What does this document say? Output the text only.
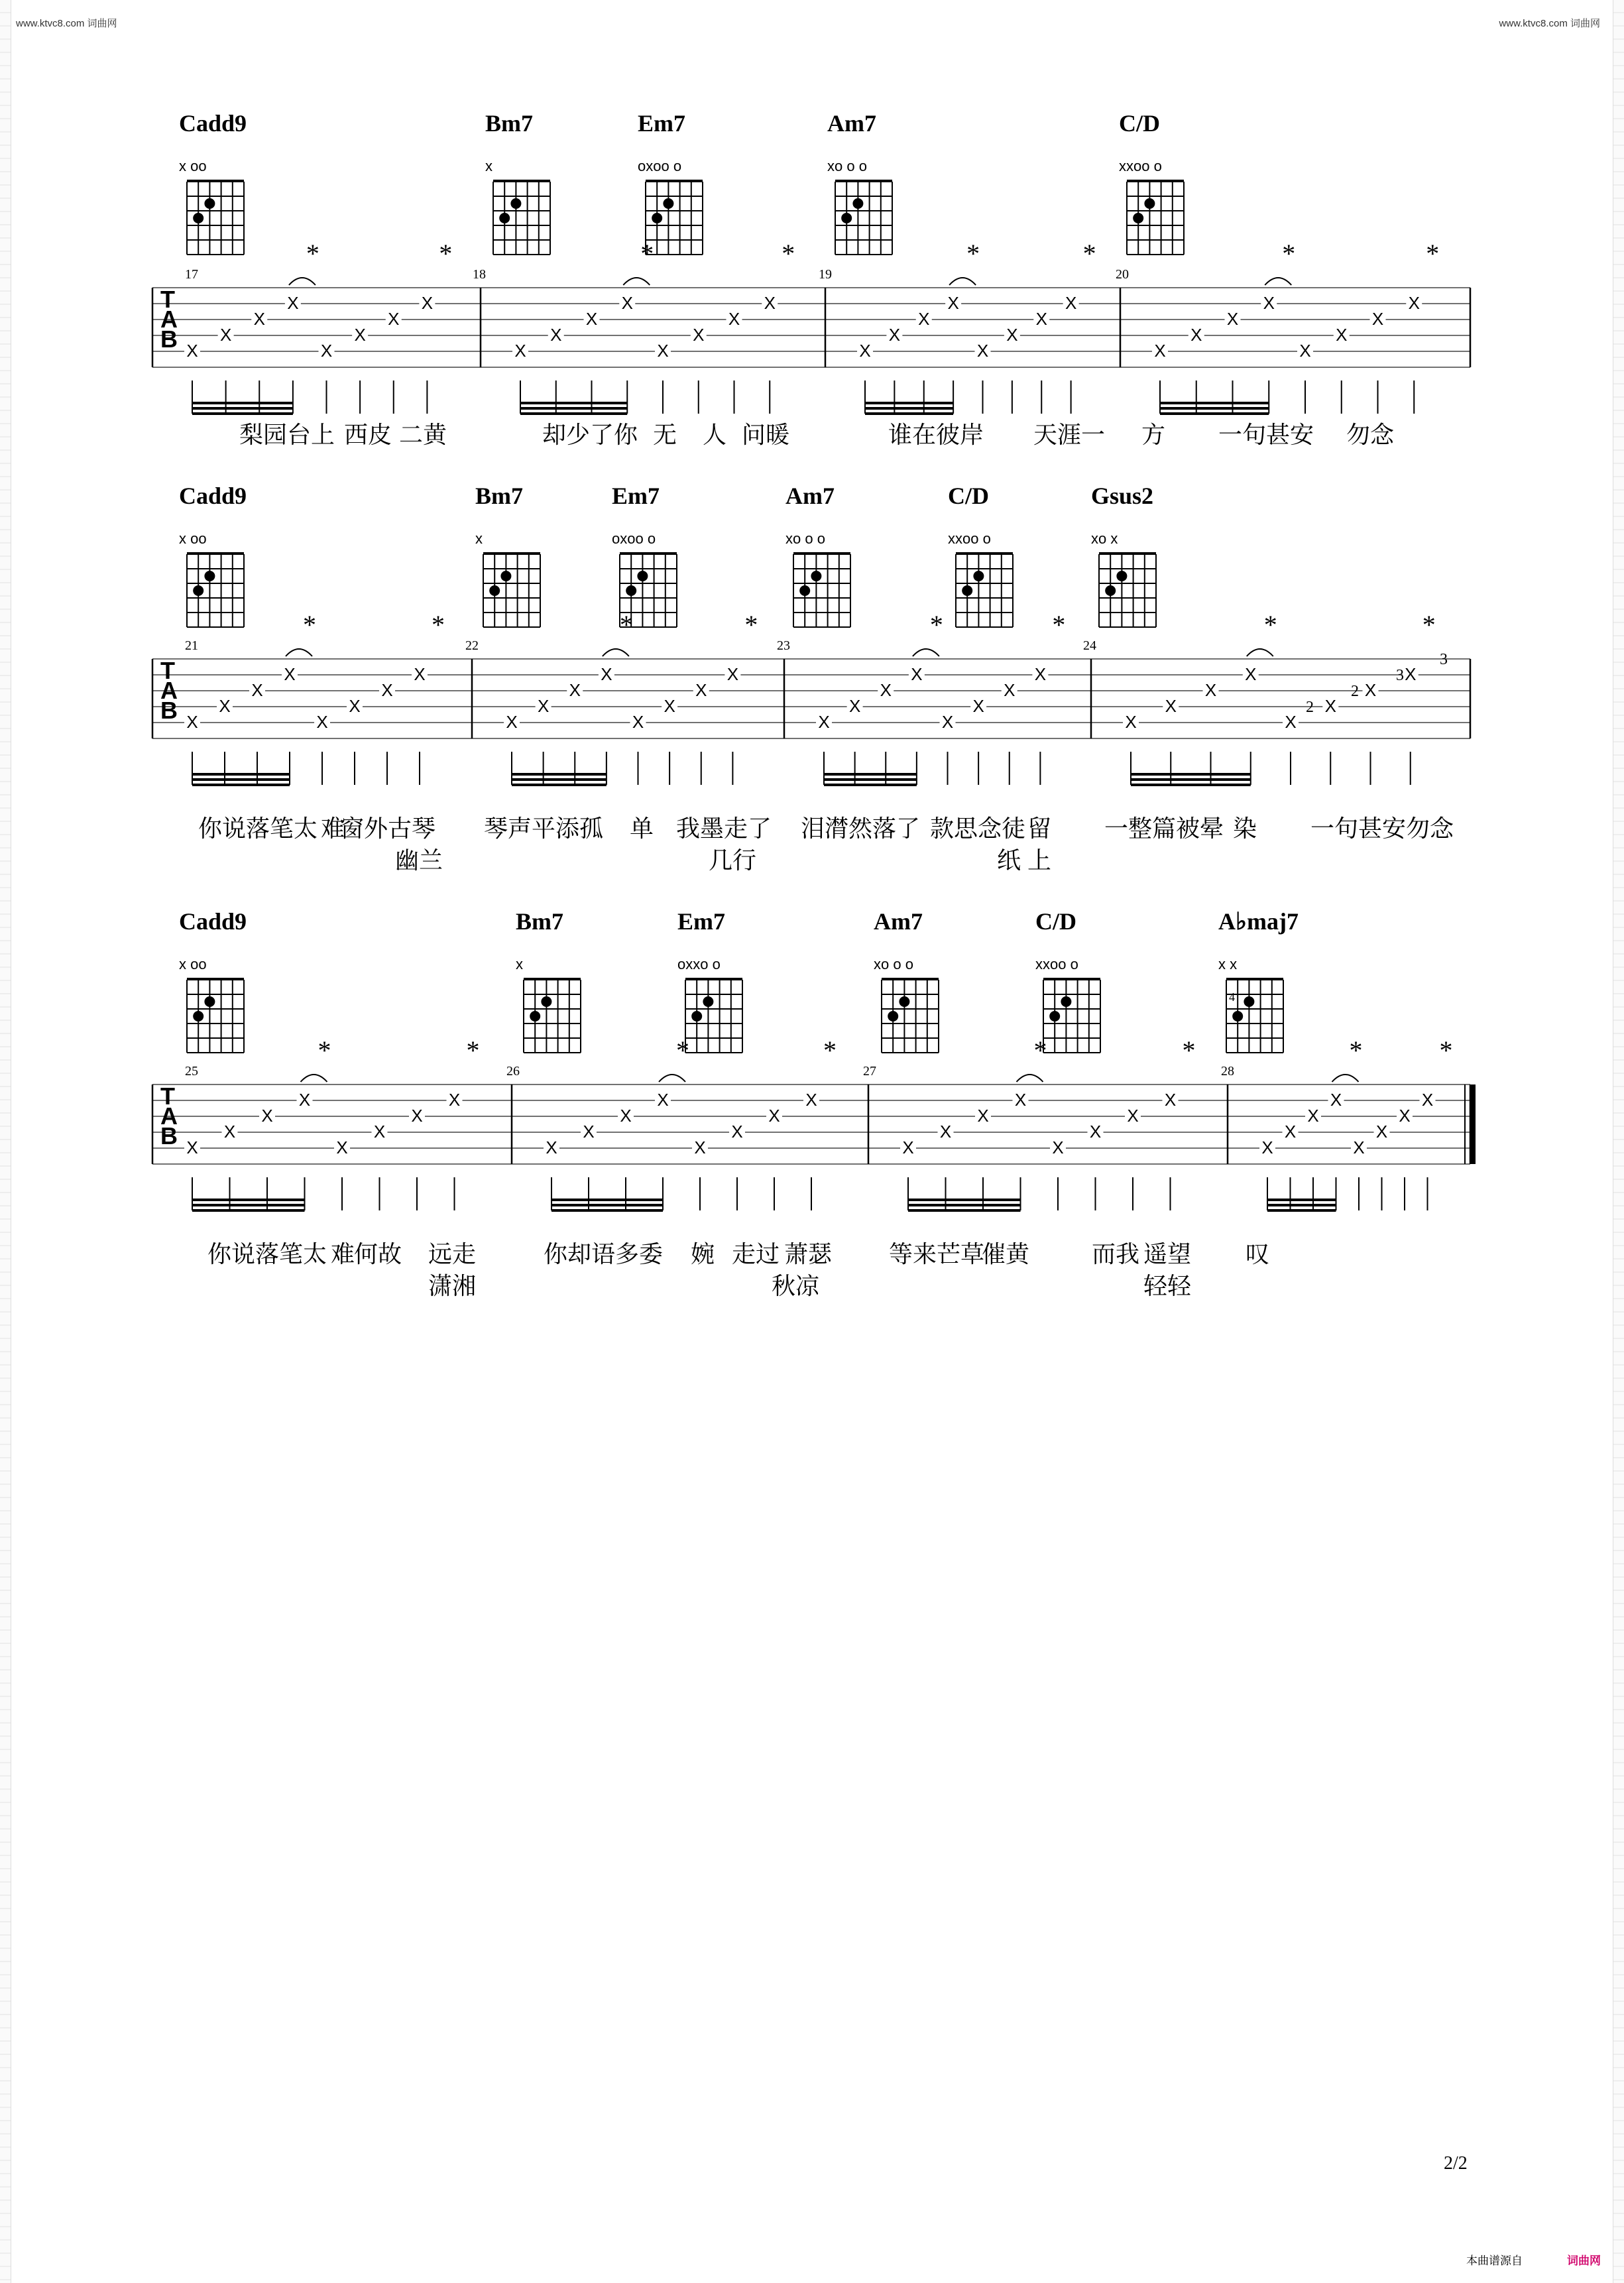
www.ktvc8.com 词曲网	www.ktvc8.com 词曲网
T
A
B
17	18	19	20
Cadd9
x oo
Bm7
x
Em7
oxoo o
Am7
xo o o
C/D
xxoo o
X
X
X
X
X
X
X
X
*	*
X
X
X
X
X
X
X
X
*	*
X
X
X
X
X
X
X
X
*	*
X
X
X
X
X
X
X
X
*	*
梨园台上 西皮 二黄	却少了你 无 人 问暖	谁在 彼岸 天涯一 方 一句甚安 勿念
T
A
B
21	22	23	24
Cadd9
x oo
Bm7
x
Em7
oxoo o
Am7
xo o o
C/D
xxoo o
Gsus2
xo x
X
X
X
X
X
X
X
X
*	*
X
X
X
X
X
X
X
X
*	*
X
X
X
X
X
X
X
X
*	*
X
X
X
X
X
X
X
X
*	*
2
2
3
3
你说落笔太 难
窗外古琴 琴声平添孤 单 我墨走了 泪潸然落了 款思念徒 留 一整篇被晕 染 一句甚安勿念
幽兰	几行	纸 上
T
A
B
25	26	27	28
Cadd9
x oo
Bm7
x
Em7
oxxo o
Am7
xo o o
C/D
xxoo o
A♭maj7
x x
4
X
X
X
X
X
X
X
X
*	*
X
X
X
X
X
X
X
X
*	*
X
X
X
X
X
X
X
X
*	*
X
X
X
X
X
X
X
X
*	*
你说落笔太 难
何故 远走	你却语多委 婉 走过 萧瑟 等来芒草
催黄	而我 遥望 叹
潇湘	秋凉	轻轻
2/2
本曲谱源自	词曲网
